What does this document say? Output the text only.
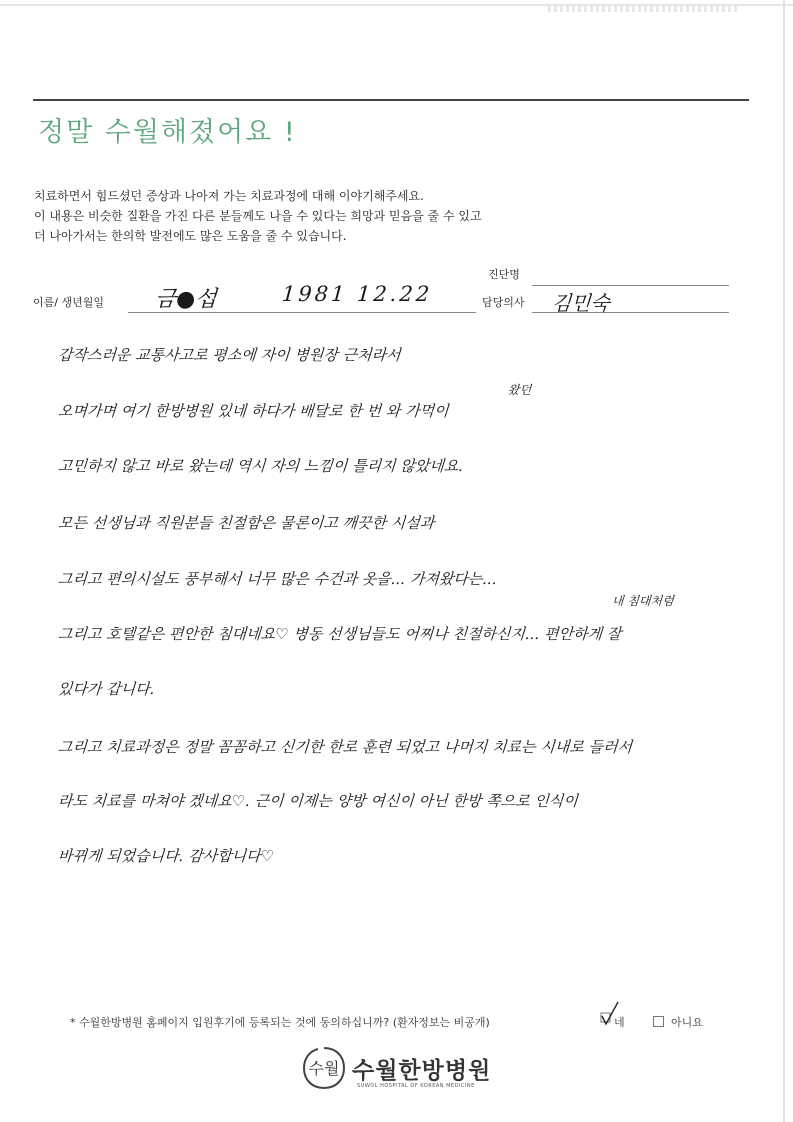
정말 수월해졌어요 !
치료하면서 힘드셨던 증상과 나아져 가는 치료과정에 대해 이야기해주세요.
이 내용은 비슷한 질환을 가진 다른 분들께도 나을 수 있다는 희망과 믿음을 줄 수 있고
더 나아가서는 한의학 발전에도 많은 도움을 줄 수 있습니다.
진단명
이름/ 생년월일 금●섭	1981 12.22	담당의사 김민숙
갑작스러운 교통사고로 평소에 자이 병원장 근처라서
왔던
오며가며 여기 한방병원 있네 하다가 배달로 한 번 와 가먹이
고민하지 않고 바로 왔는데 역시 자의 느낌이 틀리지 않았네요.
모든 선생님과 직원분들 친절함은 물론이고 깨끗한 시설과
그리고 편의시설도 풍부해서 너무 많은 수건과 옷을... 가져왔다는...
내 침대처럼
그리고 호텔같은 편안한 침대네요♡ 병동 선생님들도 어찌나 친절하신지... 편안하게 잘
있다가 갑니다.
그리고 치료과정은 정말 꼼꼼하고 신기한 한로 훈련 되었고 나머지 치료는 시내로 들러서
라도 치료를 마쳐야 겠네요♡. 근이 이제는 양방 여신이 아닌 한방 쪽으로 인식이
바뀌게 되었습니다. 감사합니다♡
* 수월한방병원 홈페이지 입원후기에 등록되는 것에 동의하십니까? (환자정보는 비공개)	네	아니요
수월 수월한방병원
SUWOL HOSPITAL OF KOREAN MEDICINE
